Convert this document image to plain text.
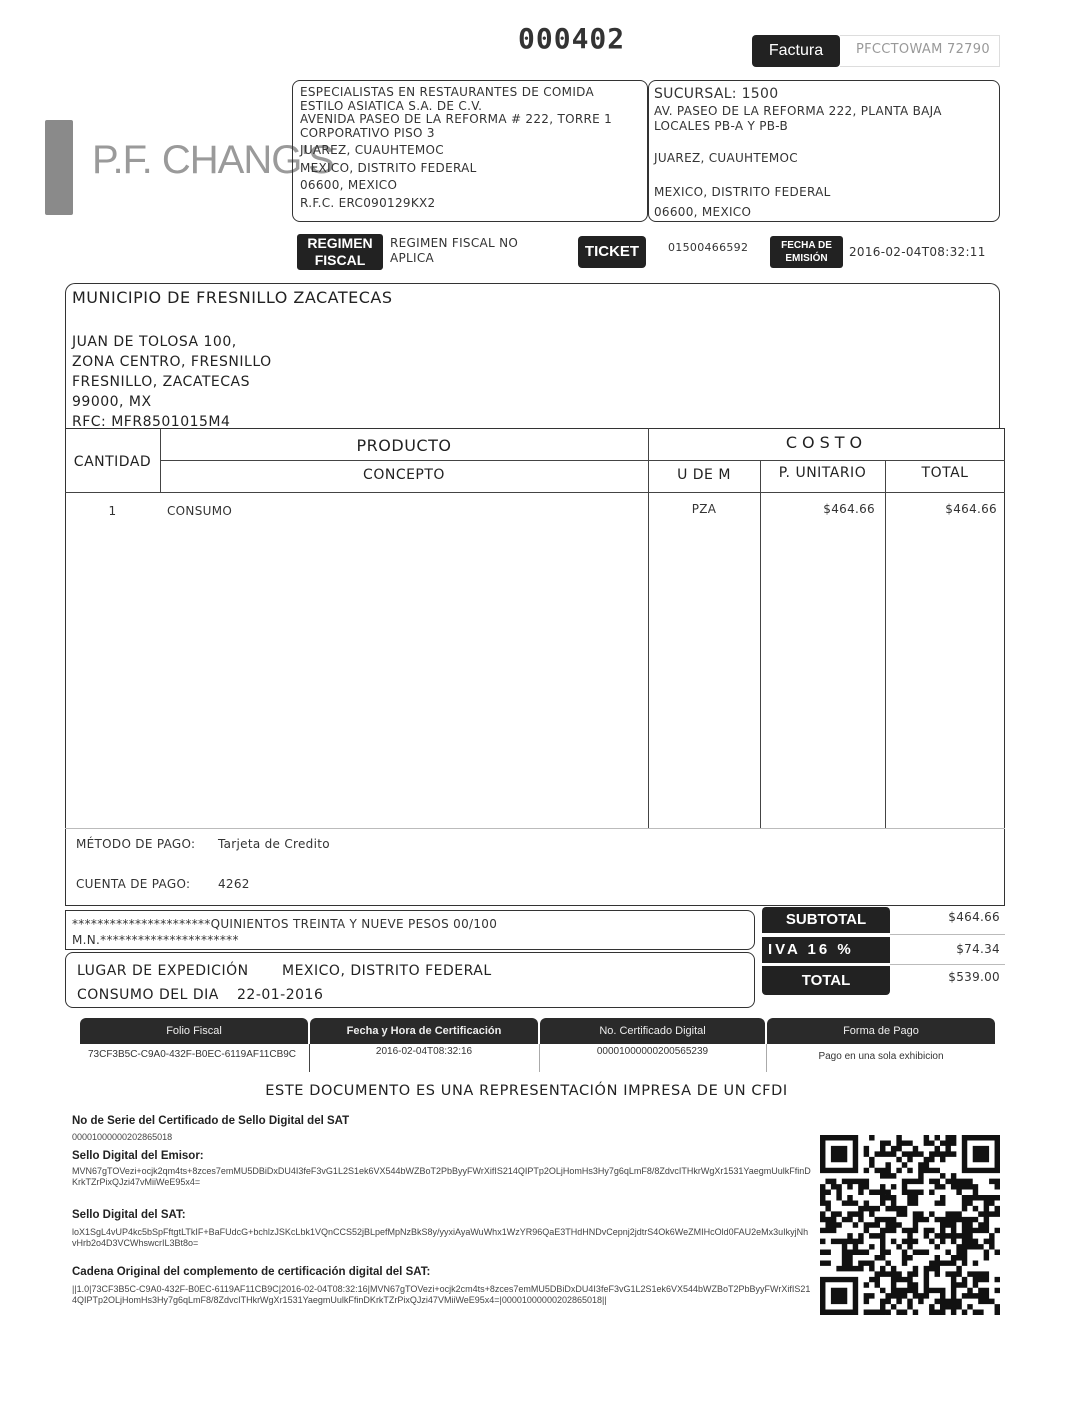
000402	Factura	PFCCTOWAM 72790
P.F. CHANG'S
ESPECIALISTAS EN RESTAURANTES DE COMIDA
ESTILO ASIATICA S.A. DE C.V.
AVENIDA PASEO DE LA REFORMA # 222, TORRE 1
CORPORATIVO PISO 3
JUAREZ, CUAUHTEMOC
MEXICO, DISTRITO FEDERAL
06600, MEXICO
R.F.C. ERC090129KX2
SUCURSAL: 1500
AV. PASEO DE LA REFORMA 222, PLANTA BAJA
LOCALES PB-A Y PB-B
JUAREZ, CUAUHTEMOC
MEXICO, DISTRITO FEDERAL
06600, MEXICO
REGIMEN
FISCAL
REGIMEN FISCAL NO
APLICA	TICKET	01500466592	FECHA DE
EMISIÓN	2016-02-04T08:32:11
MUNICIPIO DE FRESNILLO ZACATECAS
JUAN DE TOLOSA 100,
ZONA CENTRO, FRESNILLO
FRESNILLO, ZACATECAS
99000, MX
RFC: MFR8501015M4
PRODUCTO	COSTO
CANTIDAD
CONCEPTO	U DE M	P. UNITARIO	TOTAL
1	CONSUMO	PZA	$464.66	$464.66
MÉTODO DE PAGO: Tarjeta de Credito
CUENTA DE PAGO: 4262
**********************QUINIENTOS TREINTA Y NUEVE PESOS 00/100
M.N.**********************
LUGAR DE EXPEDICIÓN MEXICO, DISTRITO FEDERAL
CONSUMO DEL DIA 22-01-2016
SUBTOTAL	$464.66
IVA 16 %	$74.34
TOTAL	$539.00
Folio Fiscal	Fecha y Hora de Certificación	No. Certificado Digital	Forma de Pago
73CF3B5C-C9A0-432F-B0EC-6119AF11CB9C	2016-02-04T08:32:16	00001000000200565239	Pago en una sola exhibicion
ESTE DOCUMENTO ES UNA REPRESENTACIÓN IMPRESA DE UN CFDI
No de Serie del Certificado de Sello Digital del SAT
00001000000202865018
Sello Digital del Emisor:
MVN67gTOVezi+ocjk2qm4ts+8zces7emMU5DBiDxDU4I3feF3vG1L2S1ek6VX544bWZBoT2PbByyFWrXifIS214QIPTp2OLjHomHs3Hy7g6qLmF8/8ZdvcITHkrWgXr1531YaegmUulkFfinDKrkTZrPixQJzi47vMiiWeE95x4=
Sello Digital del SAT:
loX1SgL4vUP4kc5bSpFftgtLTkIF+BaFUdcG+bchlzJSKcLbk1VQnCCS52jBLpefMpNzBkS8y/yyxiAyaWuWhx1WzYR96QaE3THdHNDvCepnj2jdtrS4Ok6WeZMIHcOld0FAU2eMx3uIkyjNhvHrb2o4D3VCWhswcrIL3Bt8o=
Cadena Original del complemento de certificación digital del SAT:
||1.0|73CF3B5C-C9A0-432F-B0EC-6119AF11CB9C|2016-02-04T08:32:16|MVN67gTOVezi+ocjk2cm4ts+8zces7emMU5DBiDxDU4I3feF3vG1L2S1ek6VX544bWZBoT2PbByyFWrXifIS214QIPTp2OLjHomHs3Hy7g6qLmF8/8ZdvcITHkrWgXr1531YaegmUulkFfinDKrkTZrPixQJzi47VMiiWeE95x4=|00001000000202865018||
